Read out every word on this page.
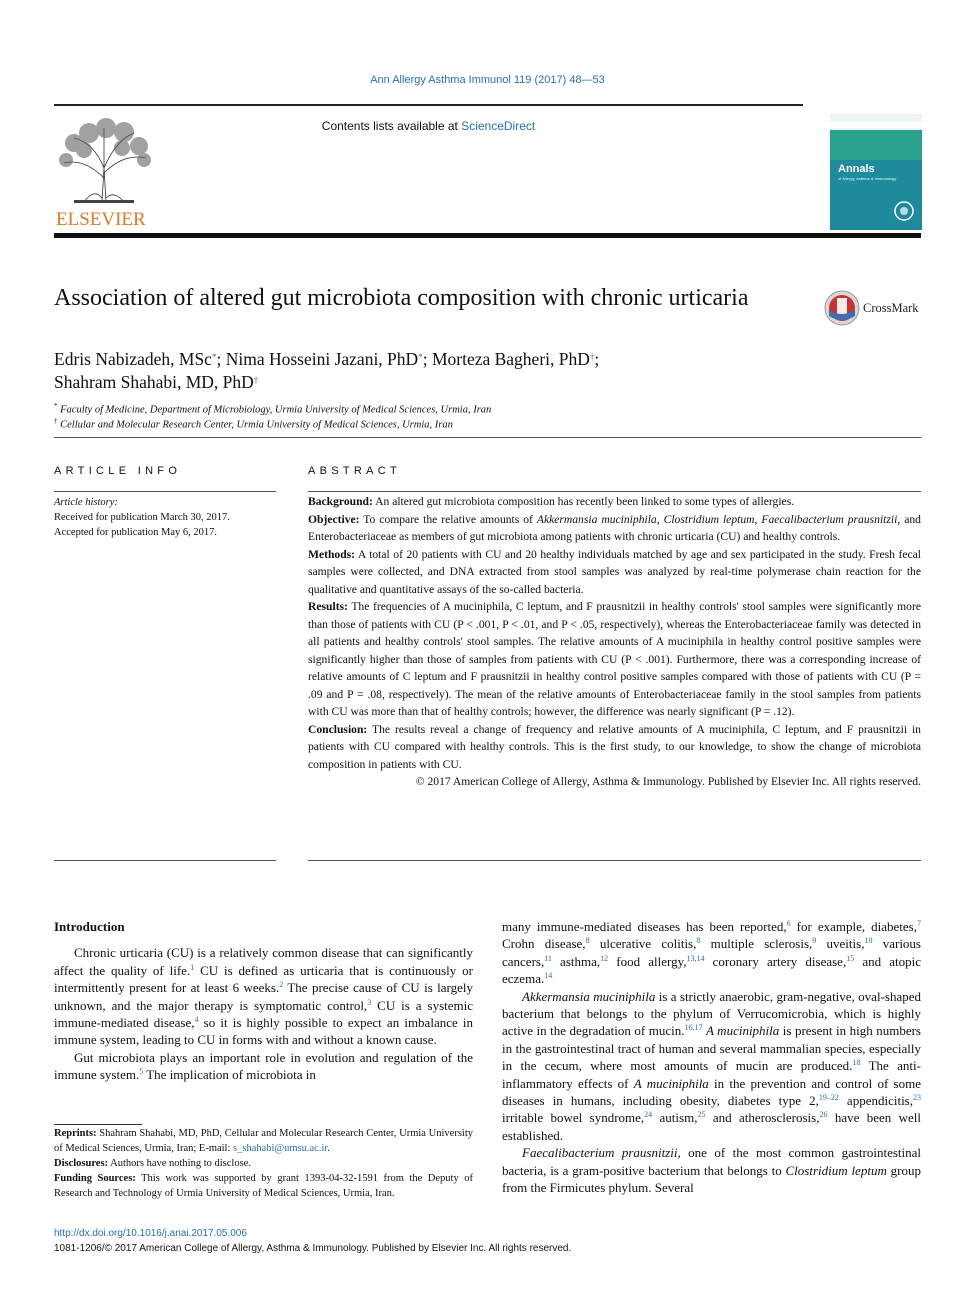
Ann Allergy Asthma Immunol 119 (2017) 48—53
Contents lists available at ScienceDirect
ELSEVIER
Annals
of Allergy, Asthma & Immunology
Association of altered gut microbiota composition with chronic urticaria	CrossMark
Edris Nabizadeh, MSc*; Nima Hosseini Jazani, PhD*; Morteza Bagheri, PhD†;
Shahram Shahabi, MD, PhD†
* Faculty of Medicine, Department of Microbiology, Urmia University of Medical Sciences, Urmia, Iran
† Cellular and Molecular Research Center, Urmia University of Medical Sciences, Urmia, Iran
ARTICLE INFO	ABSTRACT
Article history:
Received for publication March 30, 2017.
Accepted for publication May 6, 2017.

Background: An altered gut microbiota composition has recently been linked to some types of allergies.

Objective: To compare the relative amounts of Akkermansia muciniphila, Clostridium leptum, Faecalibacterium prausnitzii, and Enterobacteriaceae as members of gut microbiota among patients with chronic urticaria (CU) and healthy controls.

Methods: A total of 20 patients with CU and 20 healthy individuals matched by age and sex participated in the study. Fresh fecal samples were collected, and DNA extracted from stool samples was analyzed by real-time polymerase chain reaction for the qualitative and quantitative assays of the so-called bacteria.

Results: The frequencies of A muciniphila, C leptum, and F prausnitzii in healthy controls' stool samples were significantly more than those of patients with CU (P < .001, P < .01, and P < .05, respectively), whereas the Enterobacteriaceae family was detected in all patients and healthy controls' stool samples. The relative amounts of A muciniphila in healthy control positive samples were significantly higher than those of samples from patients with CU (P < .001). Furthermore, there was a corresponding increase of relative amounts of C leptum and F prausnitzii in healthy control positive samples compared with those of patients with CU (P = .09 and P = .08, respectively). The mean of the relative amounts of Enterobacteriaceae family in the stool samples from patients with CU was more than that of healthy controls; however, the difference was nearly significant (P = .12).

Conclusion: The results reveal a change of frequency and relative amounts of A muciniphila, C leptum, and F prausnitzii in patients with CU compared with healthy controls. This is the first study, to our knowledge, to show the change of microbiota composition in patients with CU.

© 2017 American College of Allergy, Asthma & Immunology. Published by Elsevier Inc. All rights reserved.

Introduction

Chronic urticaria (CU) is a relatively common disease that can significantly affect the quality of life.$^1$ CU is defined as urticaria that is continuously or intermittently present for at least 6 weeks.$^2$ The precise cause of CU is largely unknown, and the major therapy is symptomatic control,$^3$ CU is a systemic immune-mediated disease,$^4$ so it is highly possible to expect an imbalance in immune system, leading to CU in forms with and without a known cause.

Gut microbiota plays an important role in evolution and regulation of the immune system.$^5$ The implication of microbiota in

Reprints: Shahram Shahabi, MD, PhD, Cellular and Molecular Research Center, Urmia University of Medical Sciences, Urmia, Iran; E-mail: s_shahabi@umsu.ac.ir.
Disclosures: Authors have nothing to disclose.
Funding Sources: This work was supported by grant 1393-04-32-1591 from the Deputy of Research and Technology of Urmia University of Medical Sciences, Urmia, Iran.

many immune-mediated diseases has been reported,$^6$ for example, diabetes,$^7$ Crohn disease,$^8$ ulcerative colitis,$^8$ multiple sclerosis,$^9$ uveitis,$^{10}$ various cancers,$^{11}$ asthma,$^{12}$ food allergy,$^{13,14}$ coronary artery disease,$^{15}$ and atopic eczema.$^{14}$

Akkermansia muciniphila is a strictly anaerobic, gram-negative, oval-shaped bacterium that belongs to the phylum of Verrucomicrobia, which is highly active in the degradation of mucin.$^{16,17}$ A muciniphila is present in high numbers in the gastrointestinal tract of human and several mammalian species, especially in the cecum, where most amounts of mucin are produced.$^{18}$ The anti-inflammatory effects of A muciniphila in the prevention and control of some diseases in humans, including obesity, diabetes type 2,$^{19-22}$ appendicitis,$^{23}$ irritable bowel syndrome,$^{24}$ autism,$^{25}$ and atherosclerosis,$^{26}$ have been well established.

Faecalibacterium prausnitzii, one of the most common gastrointestinal bacteria, is a gram-positive bacterium that belongs to Clostridium leptum group from the Firmicutes phylum. Several

http://dx.doi.org/10.1016/j.anai.2017.05.006
1081-1206/© 2017 American College of Allergy, Asthma & Immunology. Published by Elsevier Inc. All rights reserved.
